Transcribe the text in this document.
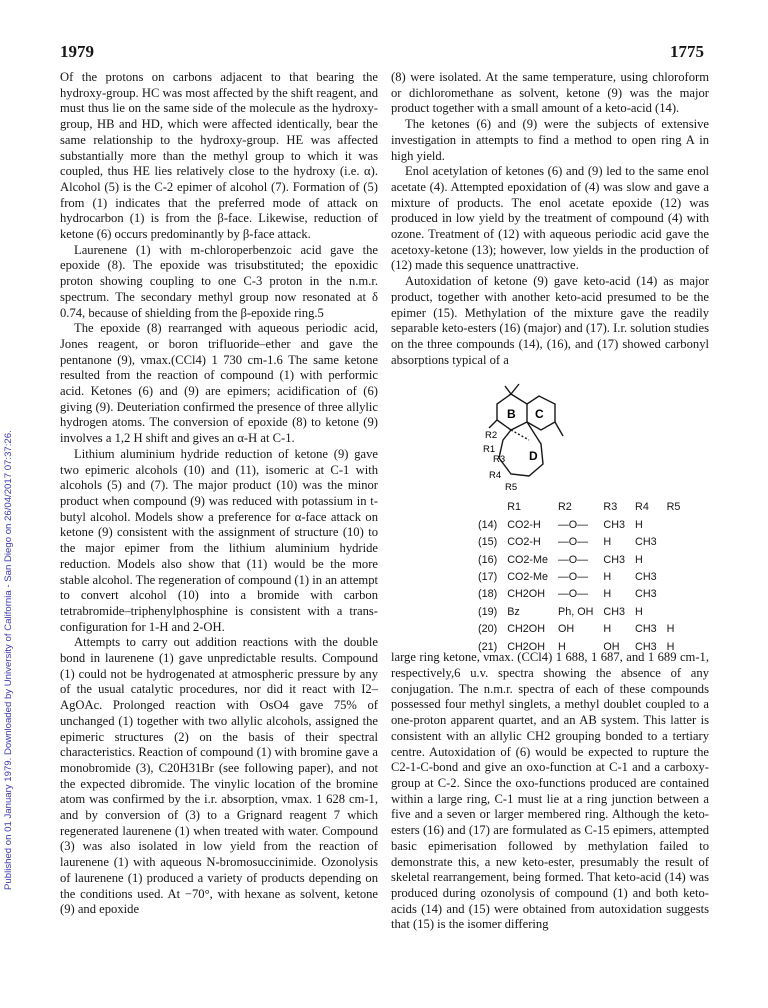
1979	1775
Published on 01 January 1979. Downloaded by University of California - San Diego on 26/04/2017 07:37:26.

Of the protons on carbons adjacent to that bearing the hydroxy-group. HC was most affected by the shift reagent, and must thus lie on the same side of the molecule as the hydroxy-group, HB and HD, which were affected identically, bear the same relationship to the hydroxy-group. HE was affected substantially more than the methyl group to which it was coupled, thus HE lies relatively close to the hydroxy (i.e. α). Alcohol (5) is the C-2 epimer of alcohol (7). Formation of (5) from (1) indicates that the preferred mode of attack on hydrocarbon (1) is from the β-face. Likewise, reduction of ketone (6) occurs predominantly by β-face attack.

Laurenene (1) with m-chloroperbenzoic acid gave the epoxide (8). The epoxide was trisubstituted; the epoxidic proton showing coupling to one C-3 proton in the n.m.r. spectrum. The secondary methyl group now resonated at δ 0.74, because of shielding from the β-epoxide ring.5

The epoxide (8) rearranged with aqueous periodic acid, Jones reagent, or boron trifluoride–ether and gave the pentanone (9), νmax.(CCl4) 1 730 cm-1.6 The same ketone resulted from the reaction of compound (1) with performic acid. Ketones (6) and (9) are epimers; acidification of (6) giving (9). Deuteriation confirmed the presence of three allylic hydrogen atoms. The conversion of epoxide (8) to ketone (9) involves a 1,2 H shift and gives an α-H at C-1.

Lithium aluminium hydride reduction of ketone (9) gave two epimeric alcohols (10) and (11), isomeric at C-1 with alcohols (5) and (7). The major product (10) was the minor product when compound (9) was reduced with potassium in t-butyl alcohol. Models show a preference for α-face attack on ketone (9) consistent with the assignment of structure (10) to the major epimer from the lithium aluminium hydride reduction. Models also show that (11) would be the more stable alcohol. The regeneration of compound (1) in an attempt to convert alcohol (10) into a bromide with carbon tetrabromide–triphenylphosphine is consistent with a trans-configuration for 1-H and 2-OH.

Attempts to carry out addition reactions with the double bond in laurenene (1) gave unpredictable results. Compound (1) could not be hydrogenated at atmospheric pressure by any of the usual catalytic procedures, nor did it react with I2–AgOAc. Prolonged reaction with OsO4 gave 75% of unchanged (1) together with two allylic alcohols, assigned the epimeric structures (2) on the basis of their spectral characteristics. Reaction of compound (1) with bromine gave a monobromide (3), C20H31Br (see following paper), and not the expected dibromide. The vinylic location of the bromine atom was confirmed by the i.r. absorption, νmax. 1 628 cm-1, and by conversion of (3) to a Grignard reagent 7 which regenerated laurenene (1) when treated with water. Compound (3) was also isolated in low yield from the reaction of laurenene (1) with aqueous N-bromosuccinimide. Ozonolysis of laurenene (1) produced a variety of products depending on the conditions used. At −70°, with hexane as solvent, ketone (9) and epoxide

(8) were isolated. At the same temperature, using chloroform or dichloromethane as solvent, ketone (9) was the major product together with a small amount of a keto-acid (14).

The ketones (6) and (9) were the subjects of extensive investigation in attempts to find a method to open ring A in high yield.

Enol acetylation of ketones (6) and (9) led to the same enol acetate (4). Attempted epoxidation of (4) was slow and gave a mixture of products. The enol acetate epoxide (12) was produced in low yield by the treatment of compound (4) with ozone. Treatment of (12) with aqueous periodic acid gave the acetoxy-ketone (13); however, low yields in the production of (12) made this sequence unattractive.

Autoxidation of ketone (9) gave keto-acid (14) as major product, together with another keto-acid presumed to be the epimer (15). Methylation of the mixture gave the readily separable keto-esters (16) (major) and (17). I.r. solution studies on the three compounds (14), (16), and (17) showed carbonyl absorptions typical of a

B C
D
R2
R1
R3
R4
R5
	R1	R2	R3	R4	R5
(14)	CO2-H	—O—	CH3	H	
(15)	CO2-H	—O—	H	CH3	
(16)	CO2-Me	—O—	CH3	H	
(17)	CO2-Me	—O—	H	CH3	
(18)	CH2OH	—O—	H	CH3	
(19)	Bz	Ph, OH	CH3	H	
(20)	CH2OH	OH	H	CH3	H
(21)	CH2OH	H	OH	CH3	H

large ring ketone, νmax. (CCl4) 1 688, 1 687, and 1 689 cm-1, respectively,6 u.v. spectra showing the absence of any conjugation. The n.m.r. spectra of each of these compounds possessed four methyl singlets, a methyl doublet coupled to a one-proton apparent quartet, and an AB system. This latter is consistent with an allylic CH2 grouping bonded to a tertiary centre. Autoxidation of (6) would be expected to rupture the C2-1-C-bond and give an oxo-function at C-1 and a carboxy-group at C-2. Since the oxo-functions produced are contained within a large ring, C-1 must lie at a ring junction between a five and a seven or larger membered ring. Although the keto-esters (16) and (17) are formulated as C-15 epimers, attempted basic epimerisation followed by methylation failed to demonstrate this, a new keto-ester, presumably the result of skeletal rearrangement, being formed. That keto-acid (14) was produced during ozonolysis of compound (1) and both keto-acids (14) and (15) were obtained from autoxidation suggests that (15) is the isomer differing
